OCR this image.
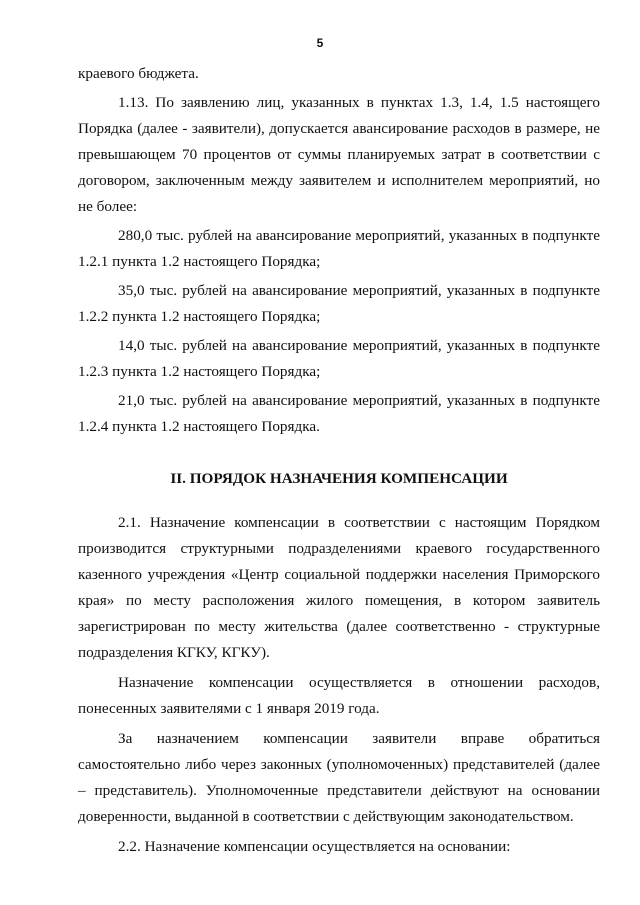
5

краевого бюджета.

1.13. По заявлению лиц, указанных в пунктах 1.3, 1.4, 1.5 настоящего Порядка (далее - заявители), допускается авансирование расходов в размере, не превышающем 70 процентов от суммы планируемых затрат в соответствии с договором, заключенным между заявителем и исполнителем мероприятий, но не более:

280,0 тыс. рублей на авансирование мероприятий, указанных в подпункте 1.2.1 пункта 1.2 настоящего Порядка;

35,0 тыс. рублей на авансирование мероприятий, указанных в подпункте 1.2.2 пункта 1.2 настоящего Порядка;

14,0 тыс. рублей на авансирование мероприятий, указанных в подпункте 1.2.3 пункта 1.2 настоящего Порядка;

21,0 тыс. рублей на авансирование мероприятий, указанных в подпункте 1.2.4 пункта 1.2 настоящего Порядка.

II. ПОРЯДОК НАЗНАЧЕНИЯ КОМПЕНСАЦИИ

2.1. Назначение компенсации в соответствии с настоящим Порядком производится структурными подразделениями краевого государственного казенного учреждения «Центр социальной поддержки населения Приморского края» по месту расположения жилого помещения, в котором заявитель зарегистрирован по месту жительства (далее соответственно - структурные подразделения КГКУ, КГКУ).

Назначение компенсации осуществляется в отношении расходов, понесенных заявителями с 1 января 2019 года.

За назначением компенсации заявители вправе обратиться самостоятельно либо через законных (уполномоченных) представителей (далее – представитель). Уполномоченные представители действуют на основании доверенности, выданной в соответствии с действующим законодательством.

2.2. Назначение компенсации осуществляется на основании:
